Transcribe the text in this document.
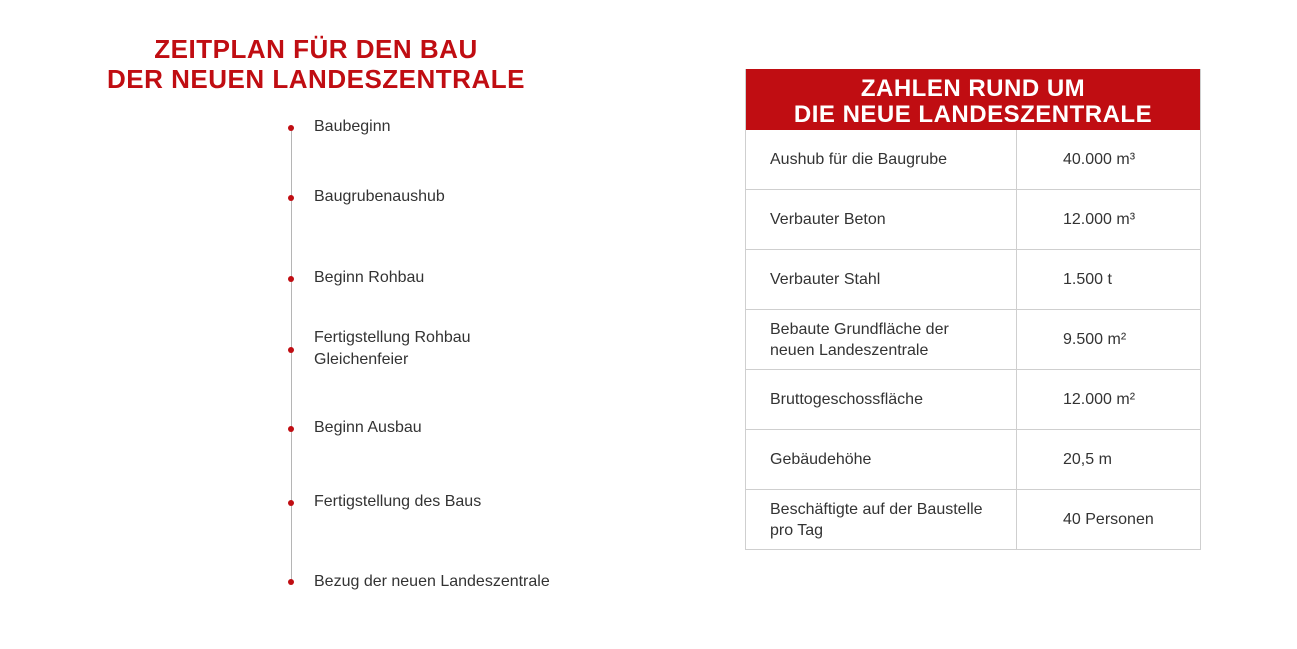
ZEITPLAN FÜR DEN BAU
DER NEUEN LANDESZENTRALE
Baubeginn
Baugrubenaushub
Beginn Rohbau
Fertigstellung Rohbau
Gleichenfeier
Beginn Ausbau
Fertigstellung des Baus
Bezug der neuen Landeszentrale
ZAHLEN RUND UM
DIE NEUE LANDESZENTRALE
Aushub für die Baugrube	40.000 m³
Verbauter Beton	12.000 m³
Verbauter Stahl	1.500 t

Bebaute Grundfläche der
neuen Landeszentrale	9.500 m²
Bruttogeschossfläche	12.000 m²
Gebäudehöhe	20,5 m

Beschäftigte auf der Baustelle
pro Tag	40 Personen
